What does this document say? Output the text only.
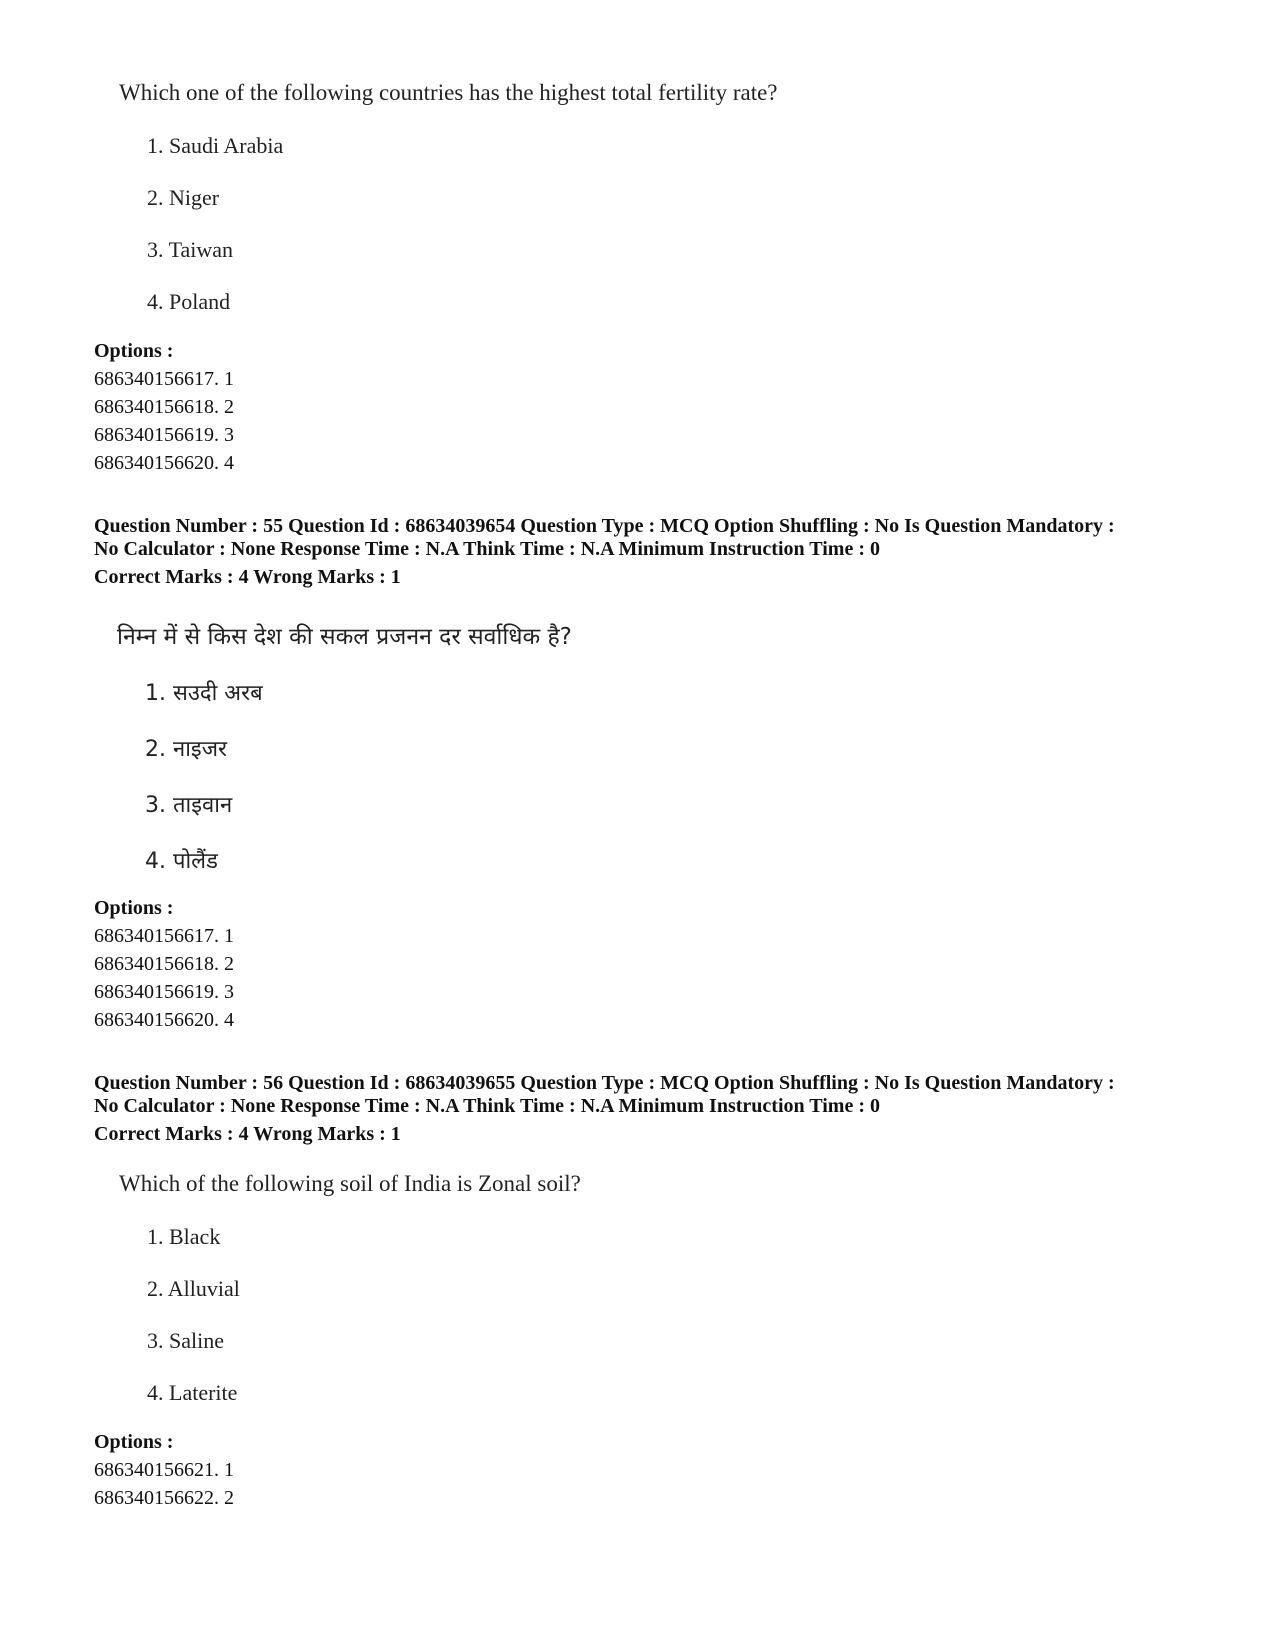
Which one of the following countries has the highest total fertility rate?
1. Saudi Arabia
2. Niger
3. Taiwan
4. Poland
Options :
686340156617. 1
686340156618. 2
686340156619. 3
686340156620. 4
Question Number : 55 Question Id : 68634039654 Question Type : MCQ Option Shuffling : No Is Question Mandatory :
No Calculator : None Response Time : N.A Think Time : N.A Minimum Instruction Time : 0
Correct Marks : 4 Wrong Marks : 1
निम्न में से किस देश की सकल प्रजनन दर सर्वाधिक है?
1. सउदी अरब
2. नाइजर
3. ताइवान
4. पोलैंड
Options :
686340156617. 1
686340156618. 2
686340156619. 3
686340156620. 4
Question Number : 56 Question Id : 68634039655 Question Type : MCQ Option Shuffling : No Is Question Mandatory :
No Calculator : None Response Time : N.A Think Time : N.A Minimum Instruction Time : 0
Correct Marks : 4 Wrong Marks : 1
Which of the following soil of India is Zonal soil?
1. Black
2. Alluvial
3. Saline
4. Laterite
Options :
686340156621. 1
686340156622. 2
